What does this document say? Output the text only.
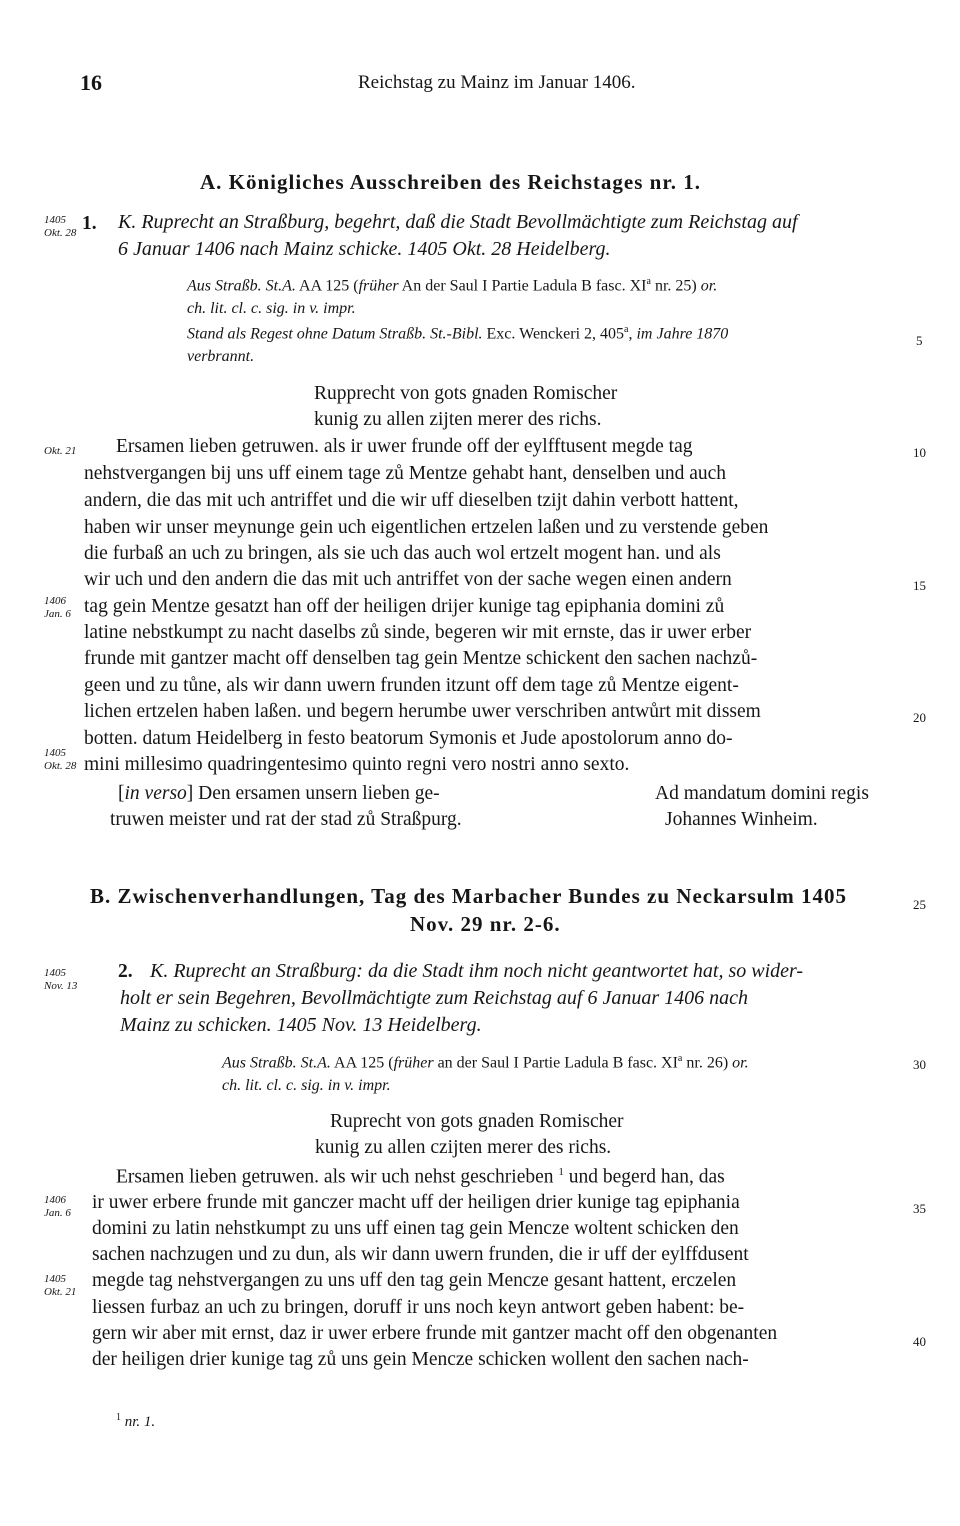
16	Reichstag zu Mainz im Januar 1406.
A. Königliches Ausschreiben des Reichstages nr. 1.
1. K. Ruprecht an Straßburg, begehrt, daß die Stadt Bevollmächtigte zum Reichstag auf
6 Januar 1406 nach Mainz schicke. 1405 Okt. 28 Heidelberg.
Aus Straßb. St.A. AA 125 (früher An der Saul I Partie Ladula B fasc. $XI^a$ nr. 25) or.
ch. lit. cl. c. sig. in v. impr.
Stand als Regest ohne Datum Straßb. St.-Bibl. Exc. Wenckeri 2, 405$^a$, im Jahre 1870
verbrannt.
Rupprecht von gots gnaden Romischer
kunig zu allen zijten merer des richs.
Ersamen lieben getruwen. als ir uwer frunde off der eylfftusent megde tag
nehstvergangen bij uns uff einem tage zů Mentze gehabt hant, denselben und auch
andern, die das mit uch antriffet und die wir uff dieselben tzijt dahin verbott hattent,
haben wir unser meynunge gein uch eigentlichen ertzelen laßen und zu verstende geben
die furbaß an uch zu bringen, als sie uch das auch wol ertzelt mogent han. und als
wir uch und den andern die das mit uch antriffet von der sache wegen einen andern
tag gein Mentze gesatzt han off der heiligen drijer kunige tag epiphania domini zů
latine nebstkumpt zu nacht daselbs zů sinde, begeren wir mit ernste, das ir uwer erber
frunde mit gantzer macht off denselben tag gein Mentze schickent den sachen nachzů-
geen und zu tůne, als wir dann uwern frunden itzunt off dem tage zů Mentze eigent-
lichen ertzelen haben laßen. und begern herumbe uwer verschriben antwůrt mit dissem
botten. datum Heidelberg in festo beatorum Symonis et Jude apostolorum anno do-
mini millesimo quadringentesimo quinto regni vero nostri anno sexto.
[in verso] Den ersamen unsern lieben ge-
truwen meister und rat der stad zů Straßpurg.
Ad mandatum domini regis
Johannes Winheim.
B. Zwischenverhandlungen, Tag des Marbacher Bundes zu Neckarsulm 1405
Nov. 29 nr. 2-6.
2. K. Ruprecht an Straßburg: da die Stadt ihm noch nicht geantwortet hat, so wider-
holt er sein Begehren, Bevollmächtigte zum Reichstag auf 6 Januar 1406 nach
Mainz zu schicken. 1405 Nov. 13 Heidelberg.
Aus Straßb. St.A. AA 125 (früher an der Saul I Partie Ladula B fasc. $XI^a$ nr. 26) or.
ch. lit. cl. c. sig. in v. impr.
Ruprecht von gots gnaden Romischer
kunig zu allen czijten merer des richs.
Ersamen lieben getruwen. als wir uch nehst geschrieben $^1$ und begerd han, das
ir uwer erbere frunde mit ganczer macht uff der heiligen drier kunige tag epiphania
domini zu latin nehstkumpt zu uns uff einen tag gein Mencze woltent schicken den
sachen nachzugen und zu dun, als wir dann uwern frunden, die ir uff der eylffdusent
megde tag nehstvergangen zu uns uff den tag gein Mencze gesant hattent, erczelen
liessen furbaz an uch zu bringen, doruff ir uns noch keyn antwort geben habent: be-
gern wir aber mit ernst, daz ir uwer erbere frunde mit gantzer macht off den obgenanten
der heiligen drier kunige tag zů uns gein Mencze schicken wollent den sachen nach-
1405
Okt. 28
Okt. 21
1406
Jan. 6
1405
Okt. 28
1405
Nov. 13
1406
Jan. 6
1405
Okt. 21
5
10
15
20
25
30
35
40
$^1$ nr. 1.
